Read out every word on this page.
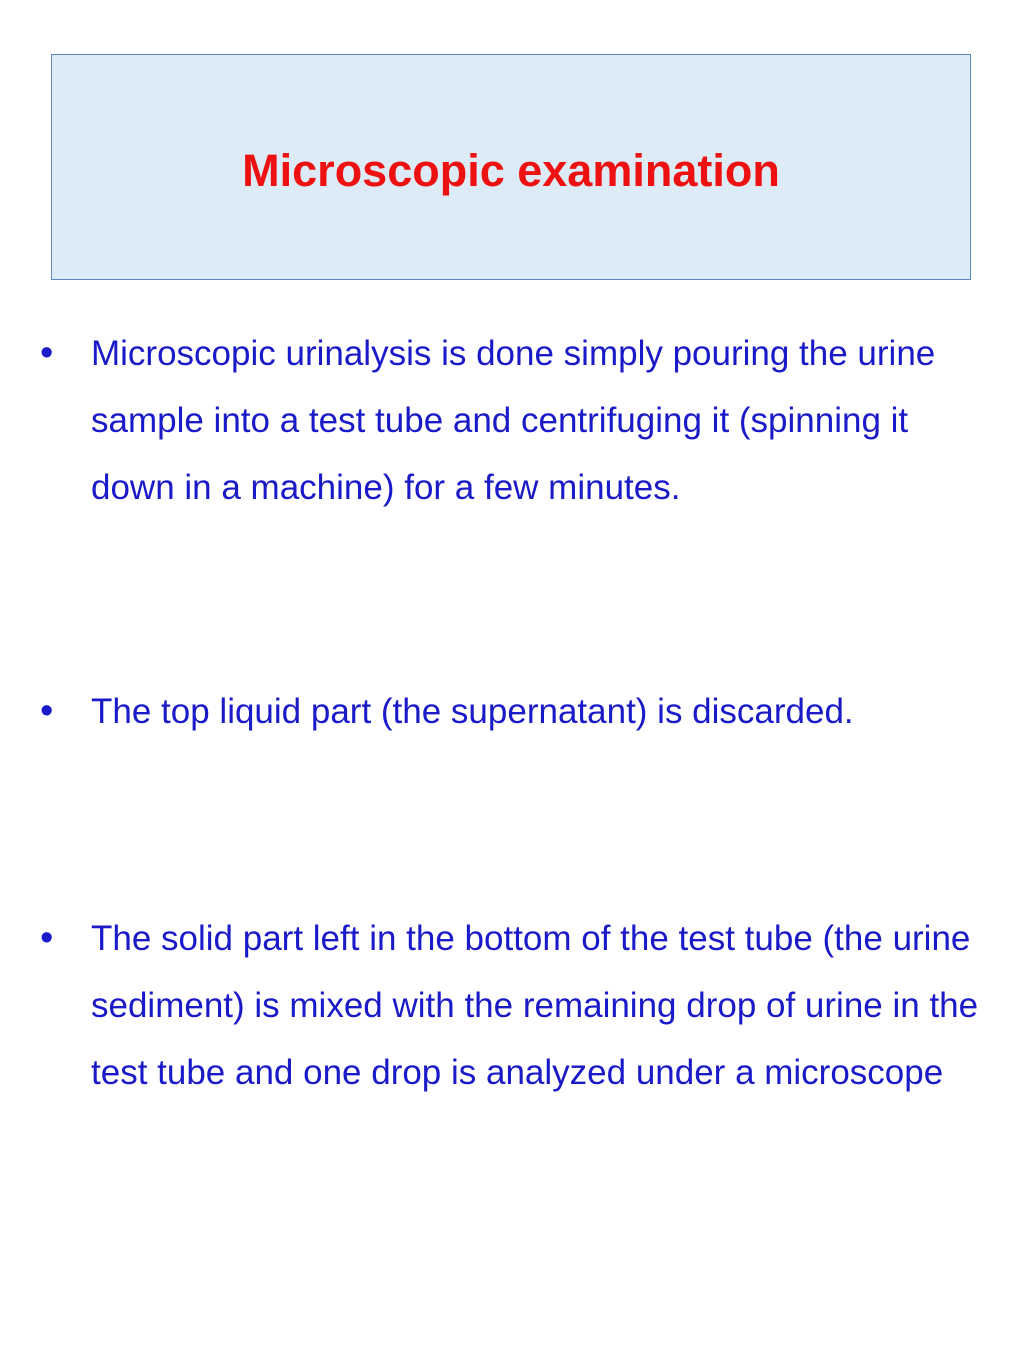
Microscopic examination
• Microscopic urinalysis is done simply pouring the urine sample into a test tube and centrifuging it (spinning it down in a machine) for a few minutes.
• The top liquid part (the supernatant) is discarded.
• The solid part left in the bottom of the test tube (the urine sediment) is mixed with the remaining drop of urine in the test tube and one drop is analyzed under a microscope
